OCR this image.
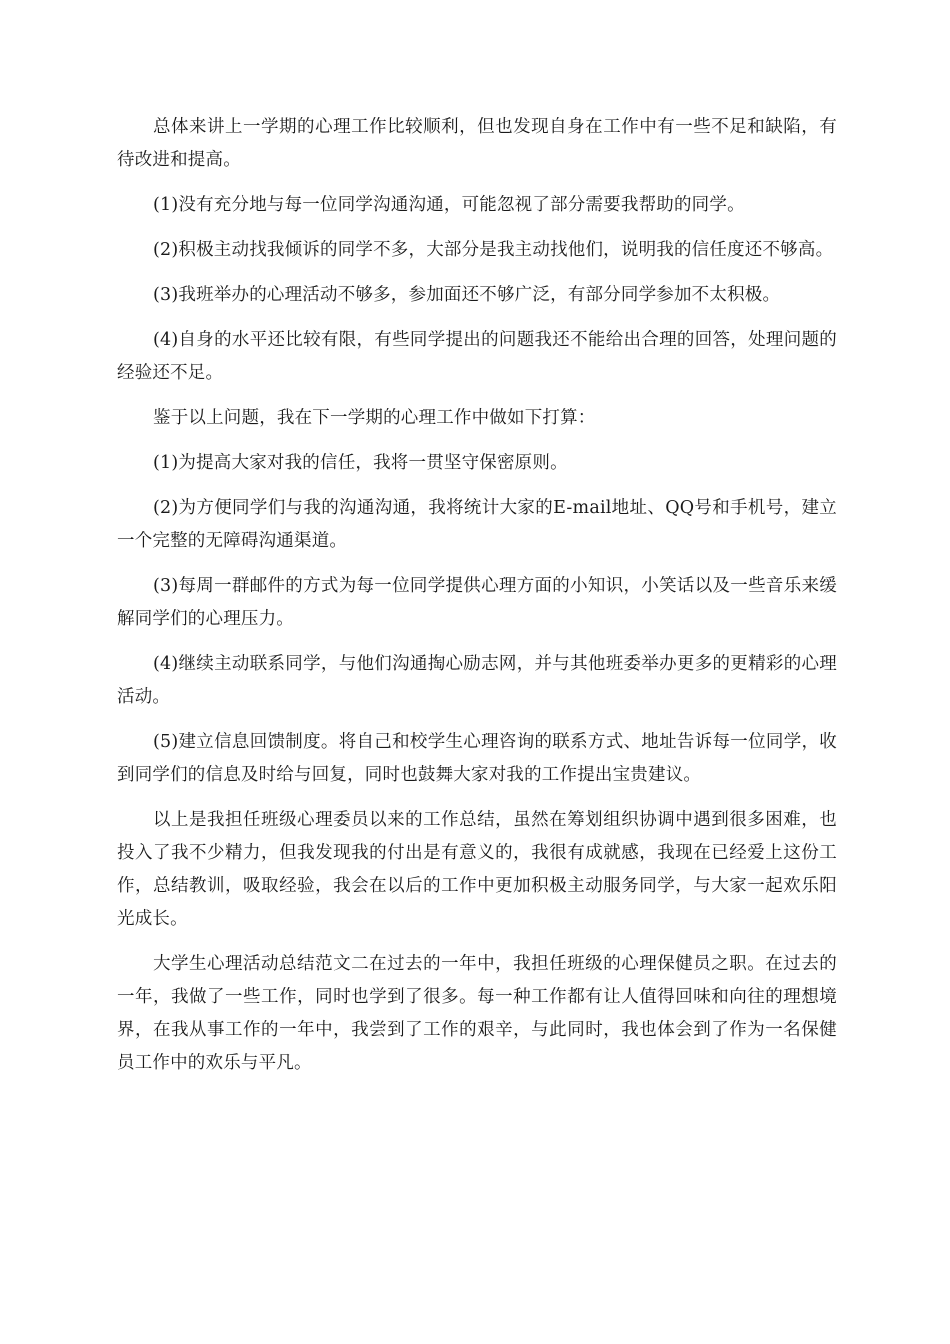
总体来讲上一学期的心理工作比较顺利，但也发现自身在工作中有一些不足和缺陷，有待改进和提高。

(1)没有充分地与每一位同学沟通沟通，可能忽视了部分需要我帮助的同学。

(2)积极主动找我倾诉的同学不多，大部分是我主动找他们，说明我的信任度还不够高。

(3)我班举办的心理活动不够多，参加面还不够广泛，有部分同学参加不太积极。

(4)自身的水平还比较有限，有些同学提出的问题我还不能给出合理的回答，处理问题的经验还不足。

鉴于以上问题，我在下一学期的心理工作中做如下打算：

(1)为提高大家对我的信任，我将一贯坚守保密原则。

(2)为方便同学们与我的沟通沟通，我将统计大家的E-mail地址、QQ号和手机号，建立一个完整的无障碍沟通渠道。

(3)每周一群邮件的方式为每一位同学提供心理方面的小知识，小笑话以及一些音乐来缓解同学们的心理压力。

(4)继续主动联系同学，与他们沟通掏心励志网，并与其他班委举办更多的更精彩的心理活动。

(5)建立信息回馈制度。将自己和校学生心理咨询的联系方式、地址告诉每一位同学，收到同学们的信息及时给与回复，同时也鼓舞大家对我的工作提出宝贵建议。

以上是我担任班级心理委员以来的工作总结，虽然在筹划组织协调中遇到很多困难，也投入了我不少精力，但我发现我的付出是有意义的，我很有成就感，我现在已经爱上这份工作，总结教训，吸取经验，我会在以后的工作中更加积极主动服务同学，与大家一起欢乐阳光成长。

大学生心理活动总结范文二在过去的一年中，我担任班级的心理保健员之职。在过去的一年，我做了一些工作，同时也学到了很多。每一种工作都有让人值得回味和向往的理想境界，在我从事工作的一年中，我尝到了工作的艰辛，与此同时，我也体会到了作为一名保健员工作中的欢乐与平凡。
